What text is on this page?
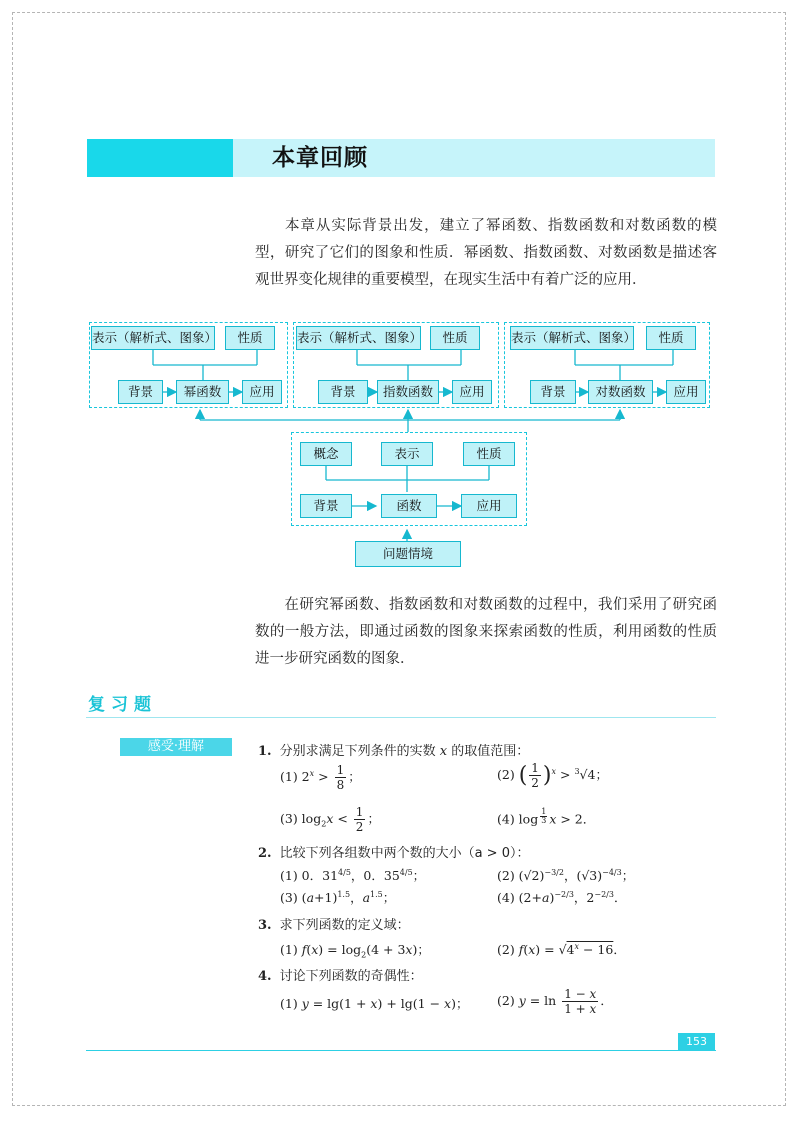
本章回顾

本章从实际背景出发，建立了幂函数、指数函数和对数函数的模型，研究了它们的图象和性质．幂函数、指数函数、对数函数是描述客观世界变化规律的重要模型，在现实生活中有着广泛的应用．

表示（解析式、图象）	性质
背景	幂函数	应用
表示（解析式、图象）	性质
背景	指数函数	应用
表示（解析式、图象）	性质
背景	对数函数	应用
概念	表示	性质
背景	函数	应用
问题情境

在研究幂函数、指数函数和对数函数的过程中，我们采用了研究函数的一般方法，即通过函数的图象来探索函数的性质，利用函数的性质进一步研究函数的图象．

复习题
感受·理解	1. 分别求满足下列条件的实数 x 的取值范围：
(1) $2^x > \frac{1}{8}$ ；	(2) ( $\frac{1}{2} )^x > ^3√4$；
(3) $\log_2x < \frac{1}{2}$ ；	(4) log $_{\frac{1}{3}}$ x > 2．
2. 比较下列各组数中两个数的大小（a > 0）：
(1) 0．$31^{4/5}$，0．$35^{4/5}$；	(2) $(√2)^{-3/2}$，$(√3)^{-4/3}$；
(3) $(a+1)^{1.5}$，$a^{1.5}$；	(4) $(2+a)^{-2/3}$，$2^{-2/3}$．
3. 求下列函数的定义域：
(1) $f(x) = \log_2(4 + 3x)$；	(2) $f(x) = √4^x - 16$．
4. 讨论下列函数的奇偶性：
(1) y = lg(1 + x) + lg(1 − x)； (2) $y = \ln \frac{1 - x}{1 + x}$ ．
153
